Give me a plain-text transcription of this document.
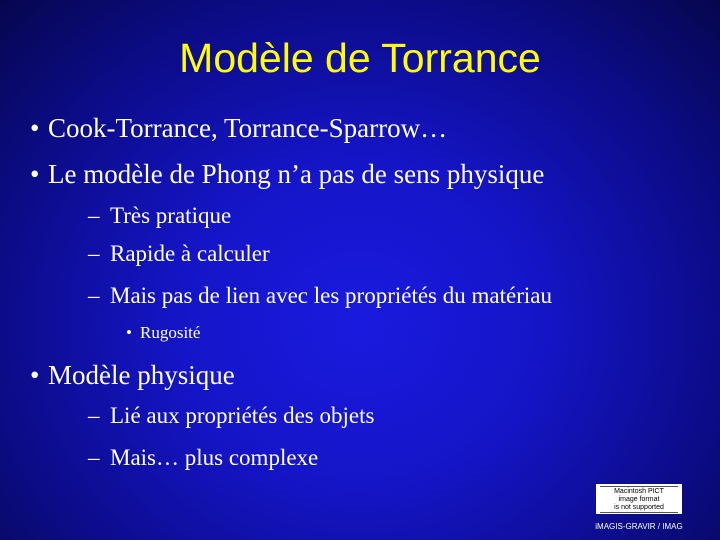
Modèle de Torrance
• Cook-Torrance, Torrance-Sparrow…
• Le modèle de Phong n’a pas de sens physique
– Très pratique
– Rapide à calculer
– Mais pas de lien avec les propriétés du matériau
• Rugosité
• Modèle physique
– Lié aux propriétés des objets
– Mais… plus complexe
Macintosh PICT
image format
is not supported
iMAGIS-GRAVIR / IMAG
